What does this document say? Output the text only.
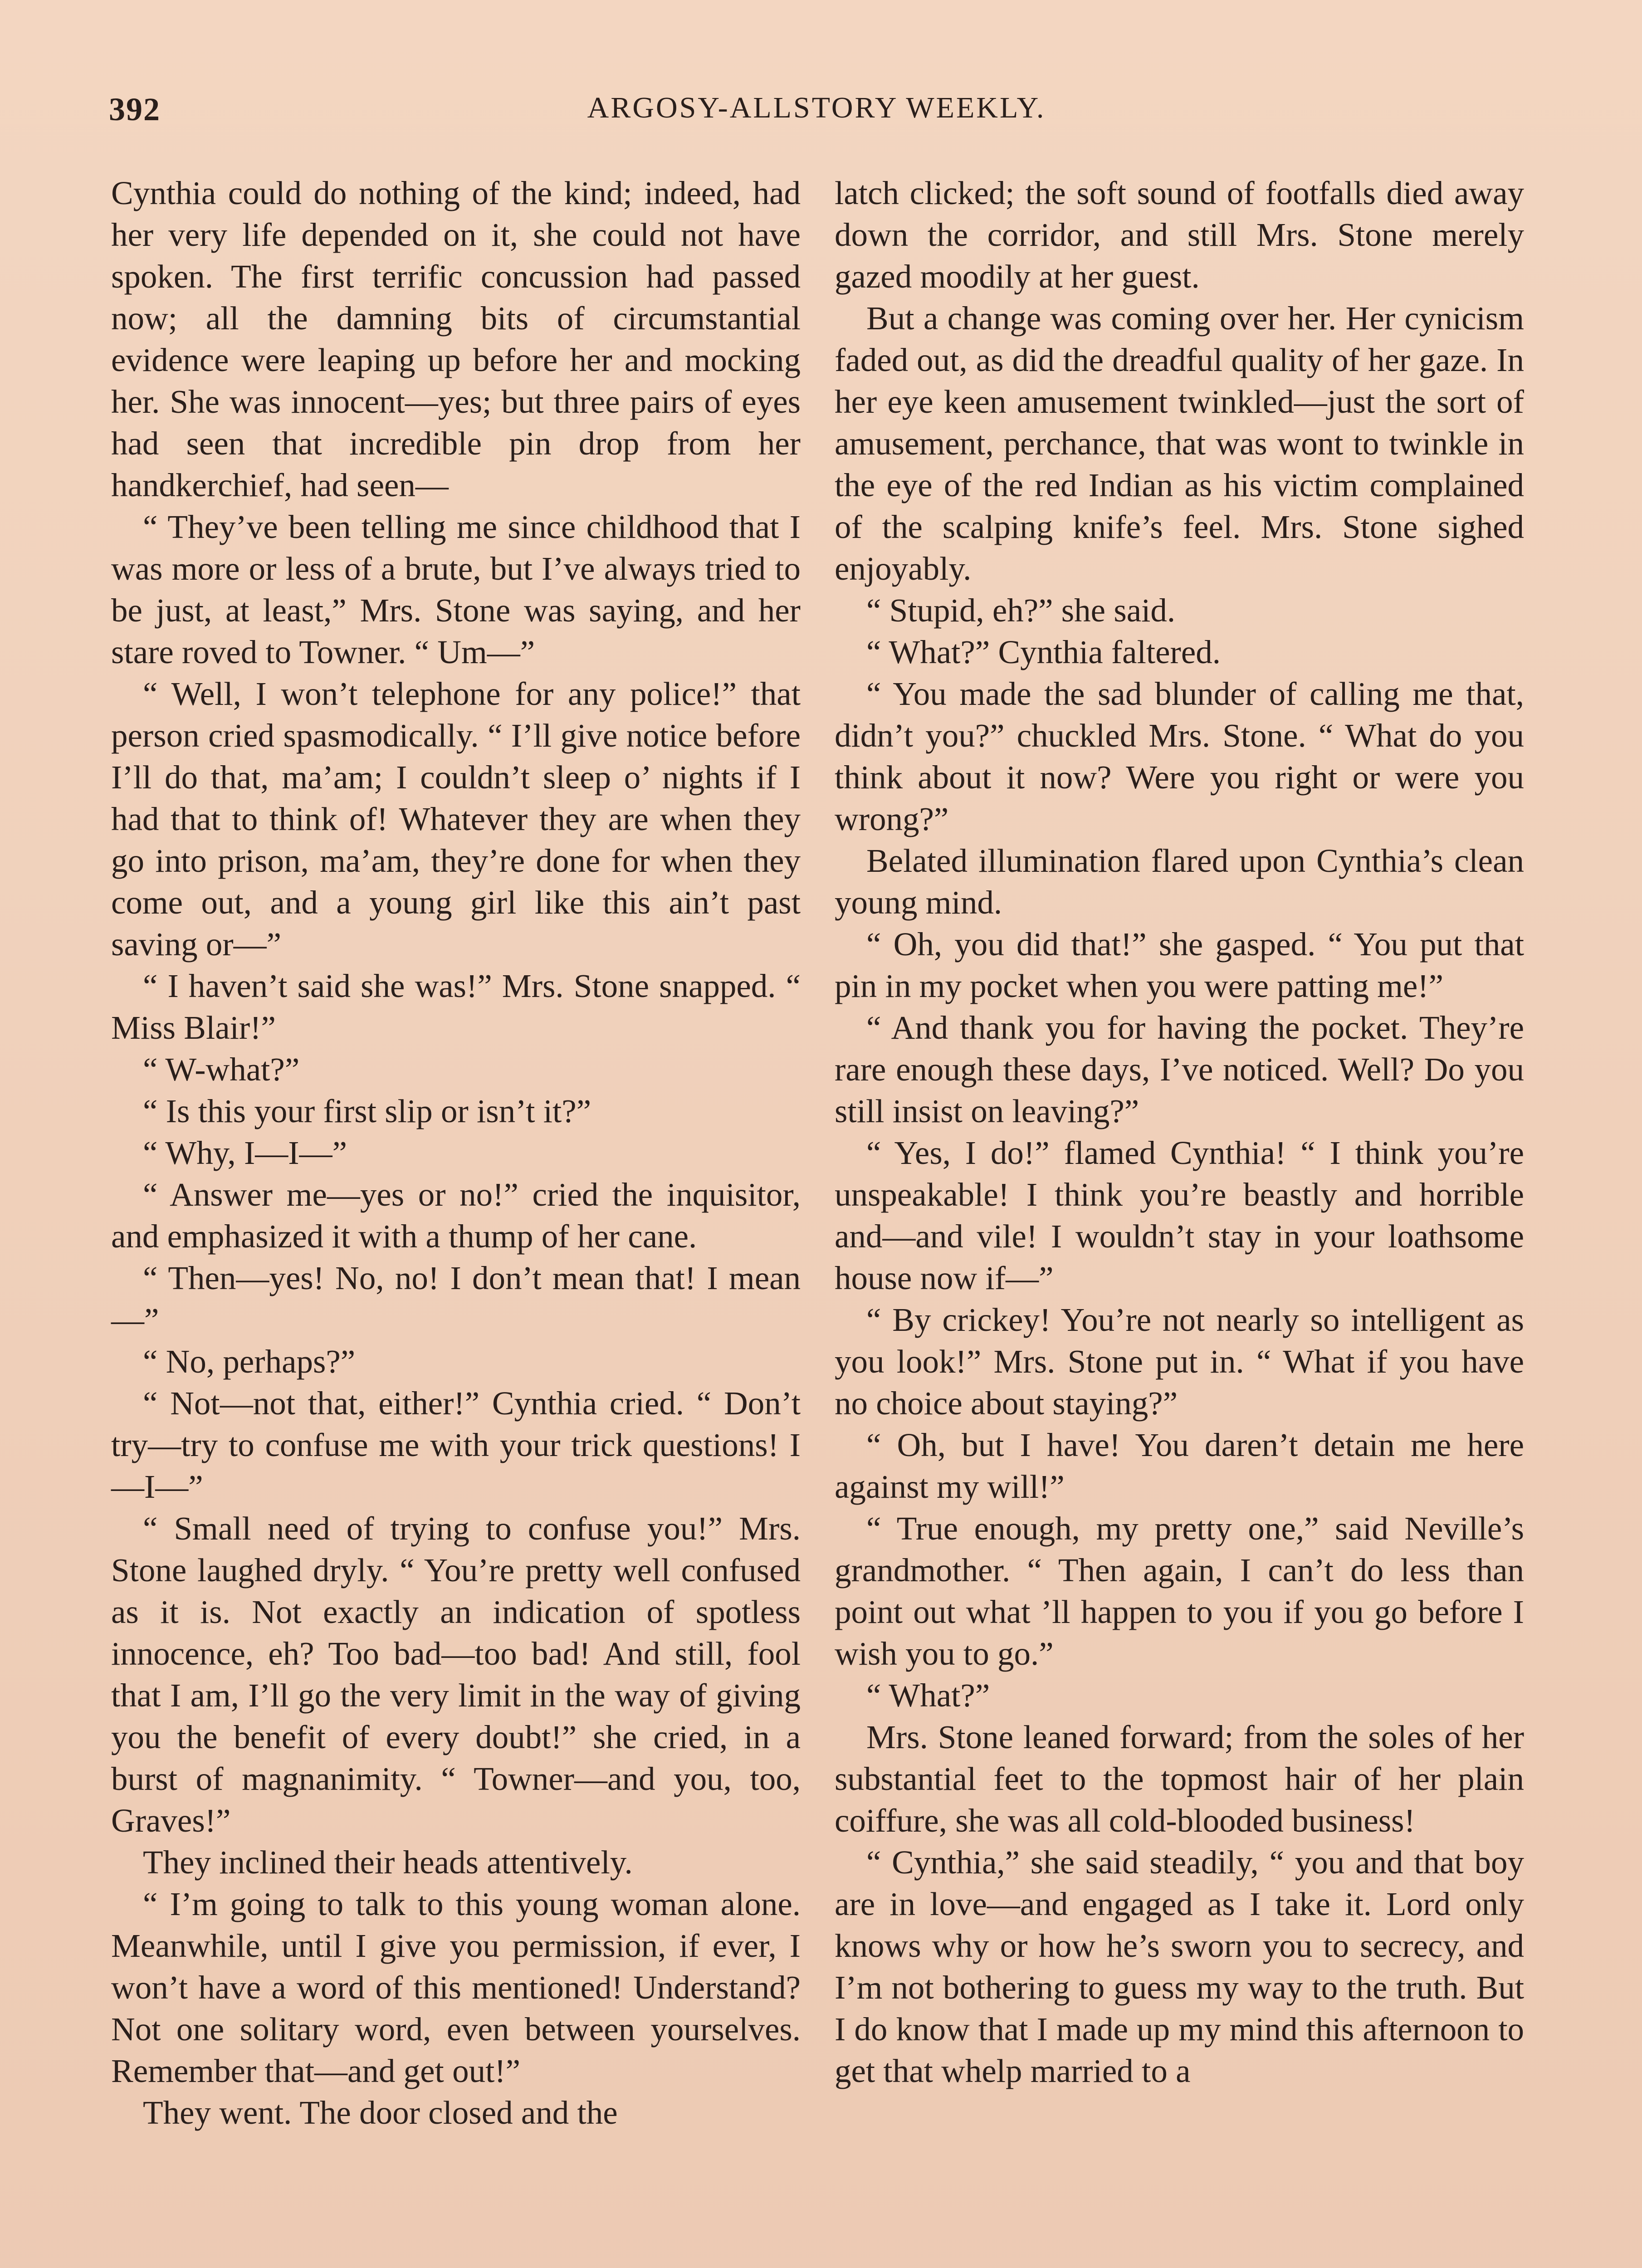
392	ARGOSY-ALLSTORY WEEKLY.

Cynthia could do nothing of the kind; indeed, had her very life depended on it, she could not have spoken. The first terrific concussion had passed now; all the damning bits of circumstantial evidence were leaping up before her and mocking her. She was innocent—yes; but three pairs of eyes had seen that incredible pin drop from her handkerchief, had seen—

“ They’ve been telling me since childhood that I was more or less of a brute, but I’ve always tried to be just, at least,” Mrs. Stone was saying, and her stare roved to Towner. “ Um—”

“ Well, I won’t telephone for any police!” that person cried spasmodically. “ I’ll give notice before I’ll do that, ma’am; I couldn’t sleep o’ nights if I had that to think of! Whatever they are when they go into prison, ma’am, they’re done for when they come out, and a young girl like this ain’t past saving or—”

“ I haven’t said she was!” Mrs. Stone snapped. “ Miss Blair!”

“ W-what?”

“ Is this your first slip or isn’t it?”

“ Why, I—I—”

“ Answer me—yes or no!” cried the inquisitor, and emphasized it with a thump of her cane.

“ Then—yes! No, no! I don’t mean that! I mean—”

“ No, perhaps?”

“ Not—not that, either!” Cynthia cried. “ Don’t try—try to confuse me with your trick questions! I—I—”

“ Small need of trying to confuse you!” Mrs. Stone laughed dryly. “ You’re pretty well confused as it is. Not exactly an indication of spotless innocence, eh? Too bad—too bad! And still, fool that I am, I’ll go the very limit in the way of giving you the benefit of every doubt!” she cried, in a burst of magnanimity. “ Towner—and you, too, Graves!”

They inclined their heads attentively.

“ I’m going to talk to this young woman alone. Meanwhile, until I give you permission, if ever, I won’t have a word of this mentioned! Understand? Not one solitary word, even between yourselves. Remember that—and get out!”

They went. The door closed and the

latch clicked; the soft sound of footfalls died away down the corridor, and still Mrs. Stone merely gazed moodily at her guest.

But a change was coming over her. Her cynicism faded out, as did the dreadful quality of her gaze. In her eye keen amusement twinkled—just the sort of amusement, perchance, that was wont to twinkle in the eye of the red Indian as his victim complained of the scalping knife’s feel. Mrs. Stone sighed enjoyably.

“ Stupid, eh?” she said.

“ What?” Cynthia faltered.

“ You made the sad blunder of calling me that, didn’t you?” chuckled Mrs. Stone. “ What do you think about it now? Were you right or were you wrong?”

Belated illumination flared upon Cynthia’s clean young mind.

“ Oh, you did that!” she gasped. “ You put that pin in my pocket when you were patting me!”

“ And thank you for having the pocket. They’re rare enough these days, I’ve noticed. Well? Do you still insist on leaving?”

“ Yes, I do!” flamed Cynthia! “ I think you’re unspeakable! I think you’re beastly and horrible and—and vile! I wouldn’t stay in your loathsome house now if—”

“ By crickey! You’re not nearly so intelligent as you look!” Mrs. Stone put in. “ What if you have no choice about staying?”

“ Oh, but I have! You daren’t detain me here against my will!”

“ True enough, my pretty one,” said Neville’s grandmother. “ Then again, I can’t do less than point out what ’ll happen to you if you go before I wish you to go.”

“ What?”

Mrs. Stone leaned forward; from the soles of her substantial feet to the topmost hair of her plain coiffure, she was all cold-blooded business!

“ Cynthia,” she said steadily, “ you and that boy are in love—and engaged as I take it. Lord only knows why or how he’s sworn you to secrecy, and I’m not bothering to guess my way to the truth. But I do know that I made up my mind this afternoon to get that whelp married to a
